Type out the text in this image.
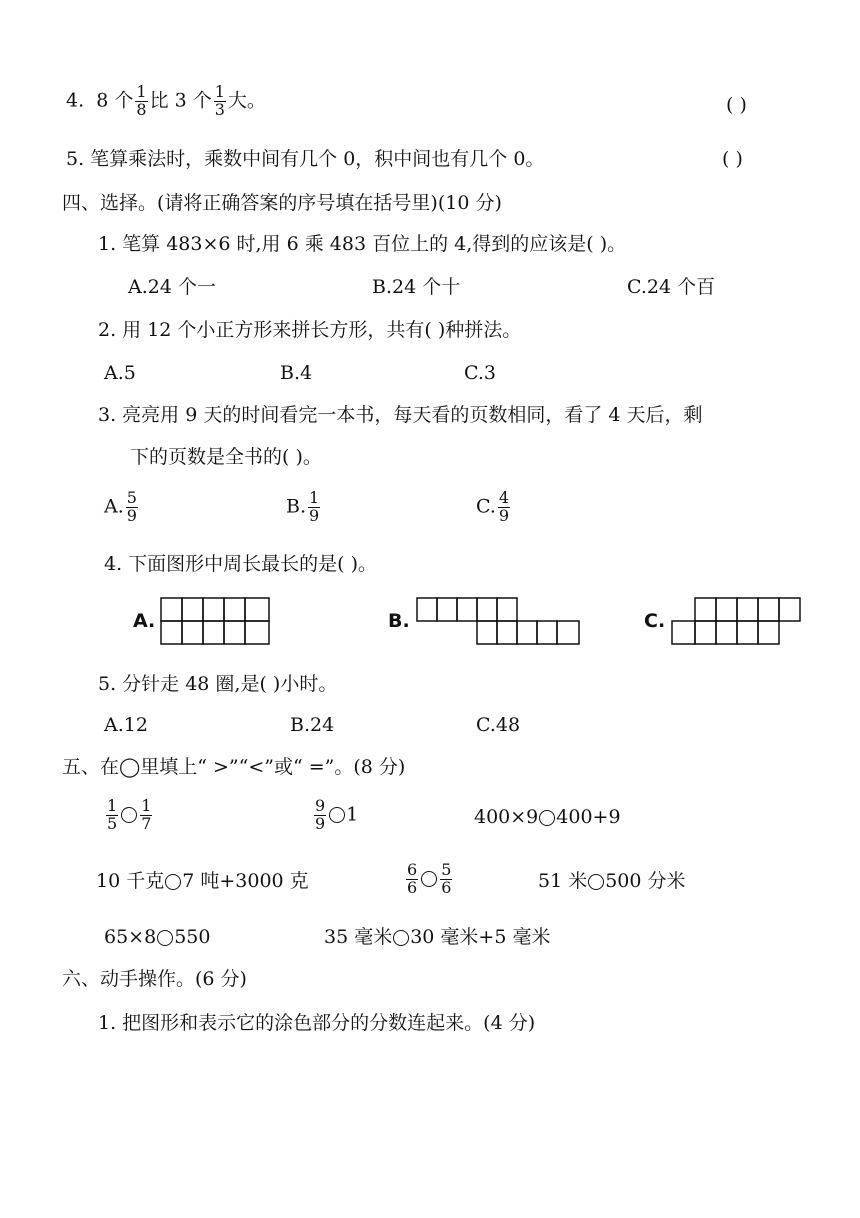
4. 8 个 $\frac{1}{8}$ 比 3 个 $\frac{1}{3}$ 大。	( )
5. 笔算乘法时，乘数中间有几个 0，积中间也有几个 0。	( )
四、选择。(请将正确答案的序号填在括号里)(10 分)
1. 笔算 483×6 时,用 6 乘 483 百位上的 4,得到的应该是( )。
A.24 个一	B.24 个十	C.24 个百
2. 用 12 个小正方形来拼长方形，共有( )种拼法。
A.5	B.4	C.3
3. 亮亮用 9 天的时间看完一本书，每天看的页数相同，看了 4 天后，剩
下的页数是全书的( )。
A. $\frac{5}{9}$	B. $\frac{1}{9}$	C. $\frac{4}{9}$
4. 下面图形中周长最长的是( )。
A.	B.	C.
5. 分针走 48 圈,是( )小时。
A.12	B.24	C.48
五、在◯里填上“ >”“<”或“ =”。(8 分)
$\frac{1}{5} \frac{1}{7}$	$\frac{9}{9} 1$	400×9 400+9
10 千克 7 吨+3000 克	$\frac{6}{6} \frac{5}{6}$	51 米 500 分米
65×8 550	35 毫米 30 毫米+5 毫米
六、动手操作。(6 分)
1. 把图形和表示它的涂色部分的分数连起来。(4 分)
